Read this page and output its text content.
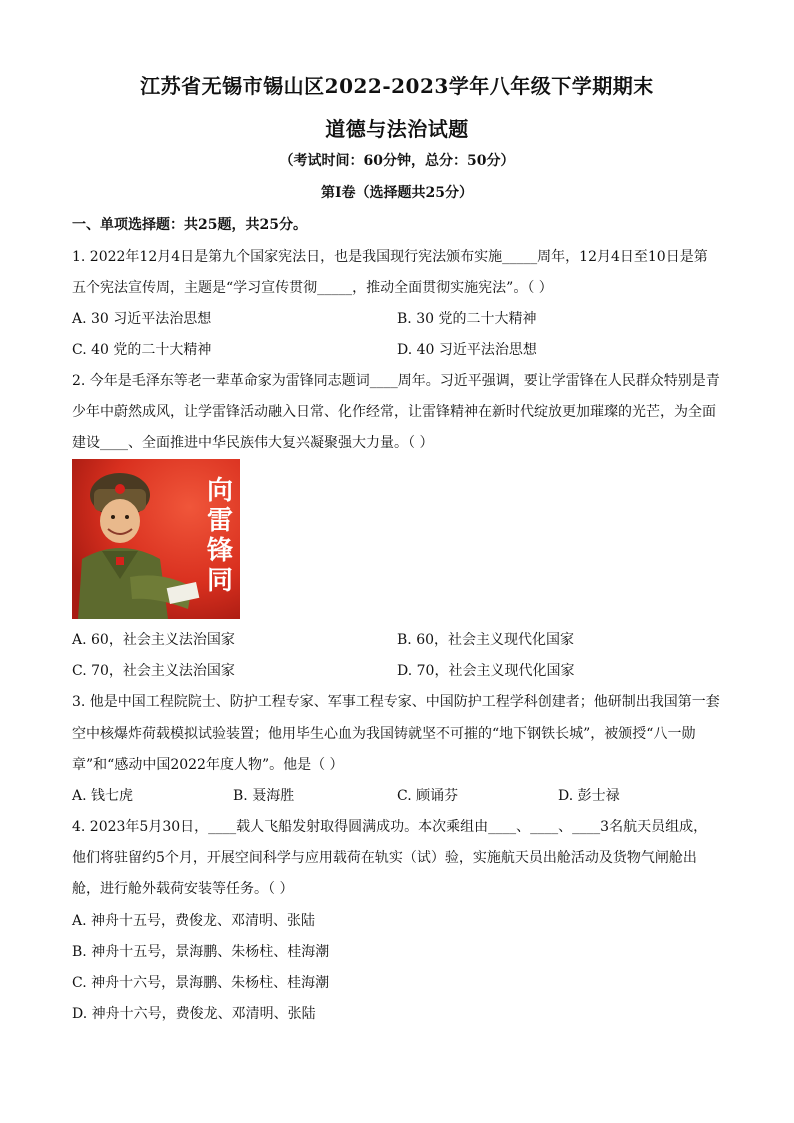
江苏省无锡市锡山区2022-2023学年八年级下学期期末
道德与法治试题
（考试时间：60分钟，总分：50分）
第Ⅰ卷（选择题共25分）
一、单项选择题：共25题，共25分。
1. 2022年12月4日是第九个国家宪法日，也是我国现行宪法颁布实施_____周年，12月4日至10日是第
五个宪法宣传周，主题是“学习宣传贯彻_____，推动全面贯彻实施宪法”。（ ）
A. 30 习近平法治思想	B. 30 党的二十大精神
C. 40 党的二十大精神	D. 40 习近平法治思想
2. 今年是毛泽东等老一辈革命家为雷锋同志题词____周年。习近平强调，要让学雷锋在人民群众特别是青
少年中蔚然成风，让学雷锋活动融入日常、化作经常，让雷锋精神在新时代绽放更加璀璨的光芒，为全面
建设____、全面推进中华民族伟大复兴凝聚强大力量。（ ）
向雷锋同
A. 60，社会主义法治国家	B. 60，社会主义现代化国家
C. 70，社会主义法治国家	D. 70，社会主义现代化国家
3. 他是中国工程院院士、防护工程专家、军事工程专家、中国防护工程学科创建者；他研制出我国第一套
空中核爆炸荷载模拟试验装置；他用毕生心血为我国铸就坚不可摧的“地下钢铁长城”，被颁授“八一勋
章”和“感动中国2022年度人物”。他是（ ）
A. 钱七虎	B. 聂海胜	C. 顾诵芬	D. 彭士禄
4. 2023年5月30日，____载人飞船发射取得圆满成功。本次乘组由____、____、____3名航天员组成，
他们将驻留约5个月，开展空间科学与应用载荷在轨实（试）验，实施航天员出舱活动及货物气闸舱出
舱，进行舱外载荷安装等任务。（ ）
A. 神舟十五号，费俊龙、邓清明、张陆
B. 神舟十五号，景海鹏、朱杨柱、桂海潮
C. 神舟十六号，景海鹏、朱杨柱、桂海潮
D. 神舟十六号，费俊龙、邓清明、张陆
